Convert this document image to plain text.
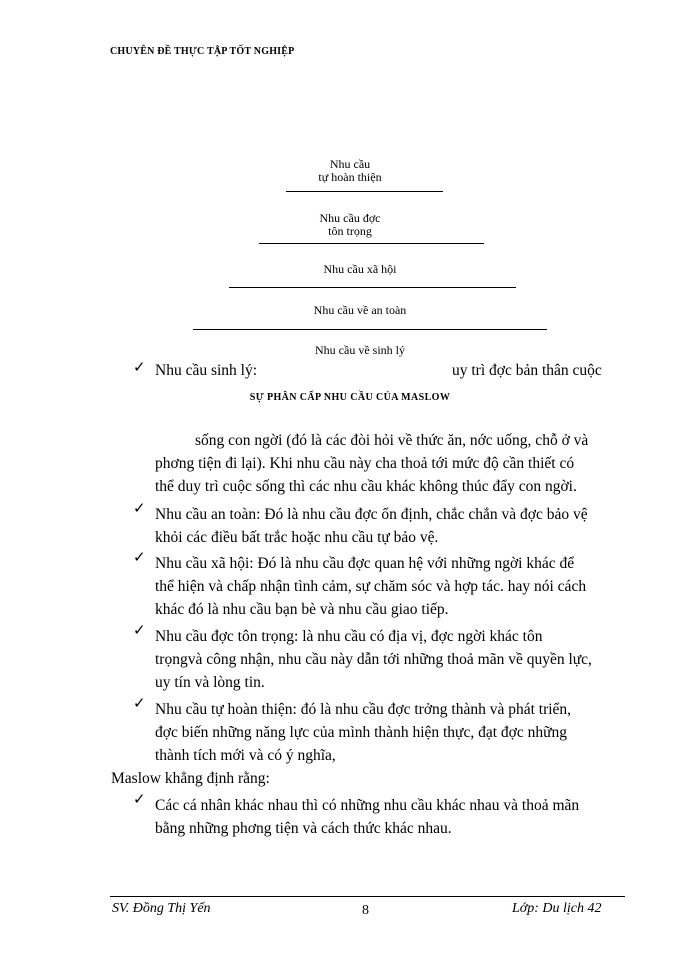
CHUYÊN ĐỀ THỰC TẬP TỐT NGHIỆP
Nhu cầu
tự hoàn thiện
Nhu cầu đợc
tôn trọng
Nhu cầu xã hội
Nhu cầu về an toàn
Nhu cầu về sinh lý
SỰ PHÂN CẤP NHU CẦU CỦA MASLOW
✓ Nhu cầu sinh lý:	uy trì đợc bản thân cuộc
sống con ngời (đó là các đòi hỏi về thức ăn, nớc uống, chỗ ở và
phơng tiện đi lại). Khi nhu cầu này cha thoả tới mức độ cần thiết có
thể duy trì cuộc sống thì các nhu cầu khác không thúc đẩy con ngời.
✓ Nhu cầu an toàn: Đó là nhu cầu đợc ổn định, chắc chắn và đợc bảo vệ
khỏi các điều bất trắc hoặc nhu cầu tự bảo vệ.
✓ Nhu cầu xã hội: Đó là nhu cầu đợc quan hệ với những ngời khác để
thể hiện và chấp nhận tình cảm, sự chăm sóc và hợp tác. hay nói cách
khác đó là nhu cầu bạn bè và nhu cầu giao tiếp.
✓ Nhu cầu đợc tôn trọng: là nhu cầu có địa vị, đợc ngời khác tôn
trọngvà công nhận, nhu cầu này dẫn tới những thoả mãn về quyền lực,
uy tín và lòng tin.
✓ Nhu cầu tự hoàn thiện: đó là nhu cầu đợc trởng thành và phát triển,
đợc biến những năng lực của mình thành hiện thực, đạt đợc những
thành tích mới và có ý nghĩa,
Maslow khẳng định rằng:
✓ Các cá nhân khác nhau thì có những nhu cầu khác nhau và thoả mãn
bằng những phơng tiện và cách thức khác nhau.
SV. Đồng Thị Yến	8	Lớp: Du lịch 42
